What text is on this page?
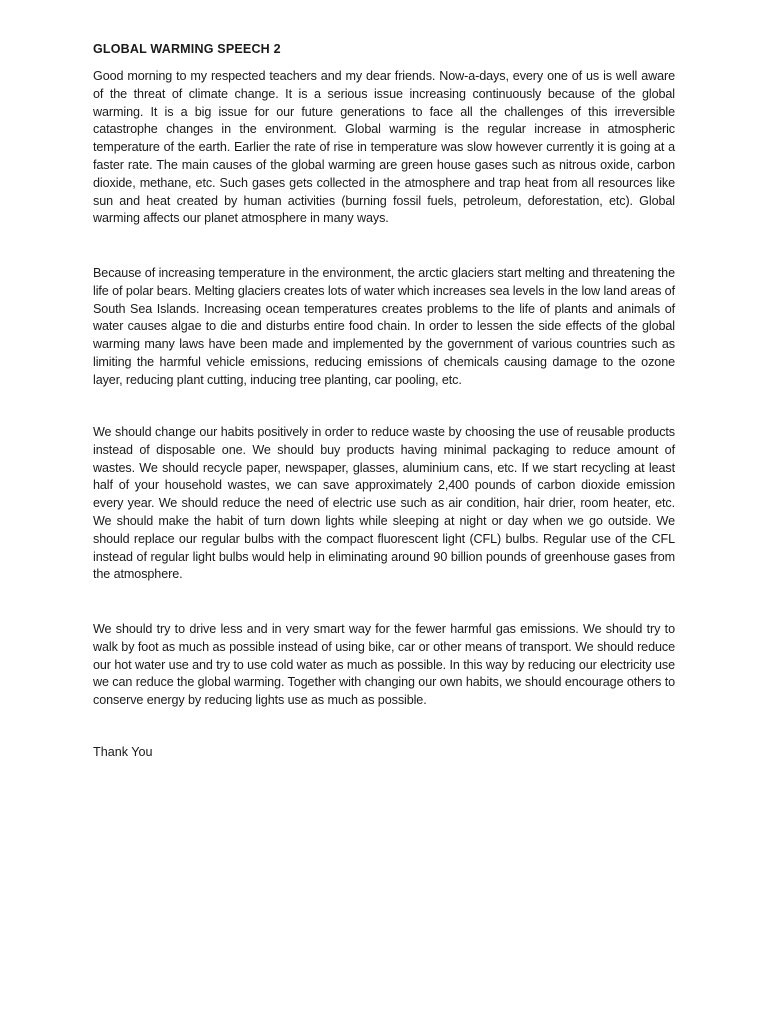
GLOBAL WARMING SPEECH 2

Good morning to my respected teachers and my dear friends. Now-a-days, every one of us is well aware of the threat of climate change. It is a serious issue increasing continuously because of the global warming. It is a big issue for our future generations to face all the challenges of this irreversible catastrophe changes in the environment. Global warming is the regular increase in atmospheric temperature of the earth. Earlier the rate of rise in temperature was slow however currently it is going at a faster rate. The main causes of the global warming are green house gases such as nitrous oxide, carbon dioxide, methane, etc. Such gases gets collected in the atmosphere and trap heat from all resources like sun and heat created by human activities (burning fossil fuels, petroleum, deforestation, etc). Global warming affects our planet atmosphere in many ways.

Because of increasing temperature in the environment, the arctic glaciers start melting and threatening the life of polar bears. Melting glaciers creates lots of water which increases sea levels in the low land areas of South Sea Islands. Increasing ocean temperatures creates problems to the life of plants and animals of water causes algae to die and disturbs entire food chain. In order to lessen the side effects of the global warming many laws have been made and implemented by the government of various countries such as limiting the harmful vehicle emissions, reducing emissions of chemicals causing damage to the ozone layer, reducing plant cutting, inducing tree planting, car pooling, etc.

We should change our habits positively in order to reduce waste by choosing the use of reusable products instead of disposable one. We should buy products having minimal packaging to reduce amount of wastes. We should recycle paper, newspaper, glasses, aluminium cans, etc. If we start recycling at least half of your household wastes, we can save approximately 2,400 pounds of carbon dioxide emission every year. We should reduce the need of electric use such as air condition, hair drier, room heater, etc. We should make the habit of turn down lights while sleeping at night or day when we go outside. We should replace our regular bulbs with the compact fluorescent light (CFL) bulbs. Regular use of the CFL instead of regular light bulbs would help in eliminating around 90 billion pounds of greenhouse gases from the atmosphere.

We should try to drive less and in very smart way for the fewer harmful gas emissions. We should try to walk by foot as much as possible instead of using bike, car or other means of transport. We should reduce our hot water use and try to use cold water as much as possible. In this way by reducing our electricity use we can reduce the global warming. Together with changing our own habits, we should encourage others to conserve energy by reducing lights use as much as possible.

Thank You
